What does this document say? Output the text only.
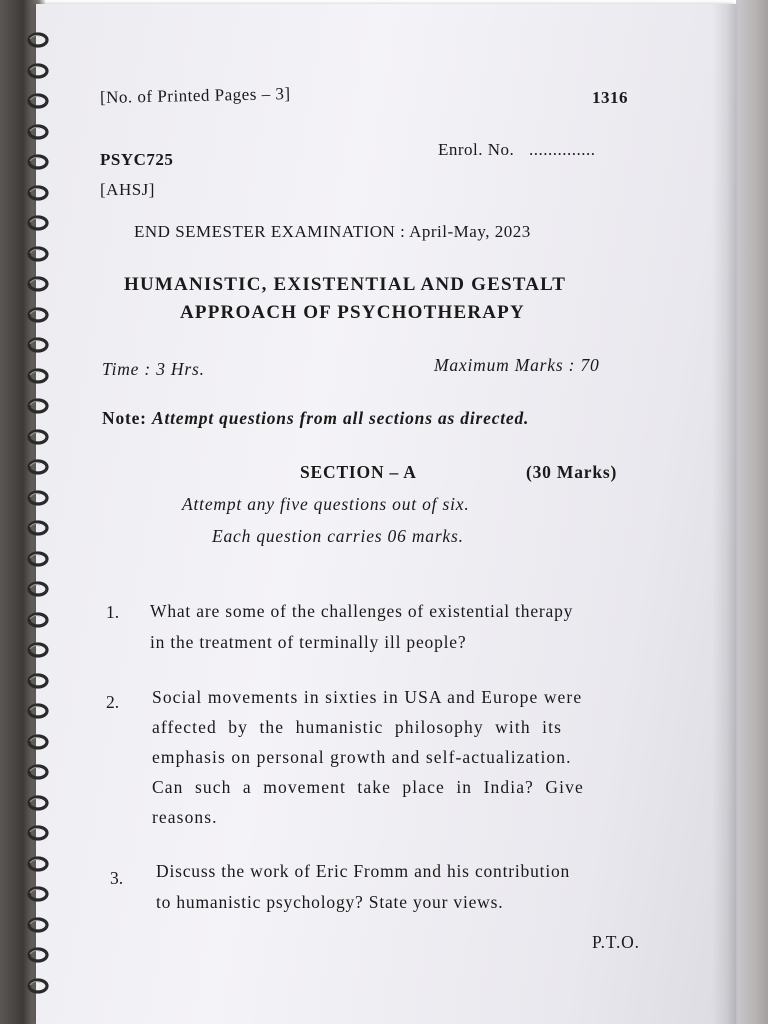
[No. of Printed Pages – 3]	1316
PSYC725
Enrol. No. ..............
[AHSJ]
END SEMESTER EXAMINATION : April-May, 2023
HUMANISTIC, EXISTENTIAL AND GESTALT
APPROACH OF PSYCHOTHERAPY
Time : 3 Hrs.	Maximum Marks : 70
Note: Attempt questions from all sections as directed.
SECTION – A	(30 Marks)
Attempt any five questions out of six.
Each question carries 06 marks.
1. What are some of the challenges of existential therapy
in the treatment of terminally ill people?
2. Social movements in sixties in USA and Europe were
affected by the humanistic philosophy with its
emphasis on personal growth and self-actualization.
Can such a movement take place in India? Give
reasons.
3. Discuss the work of Eric Fromm and his contribution
to humanistic psychology? State your views.
P.T.O.
